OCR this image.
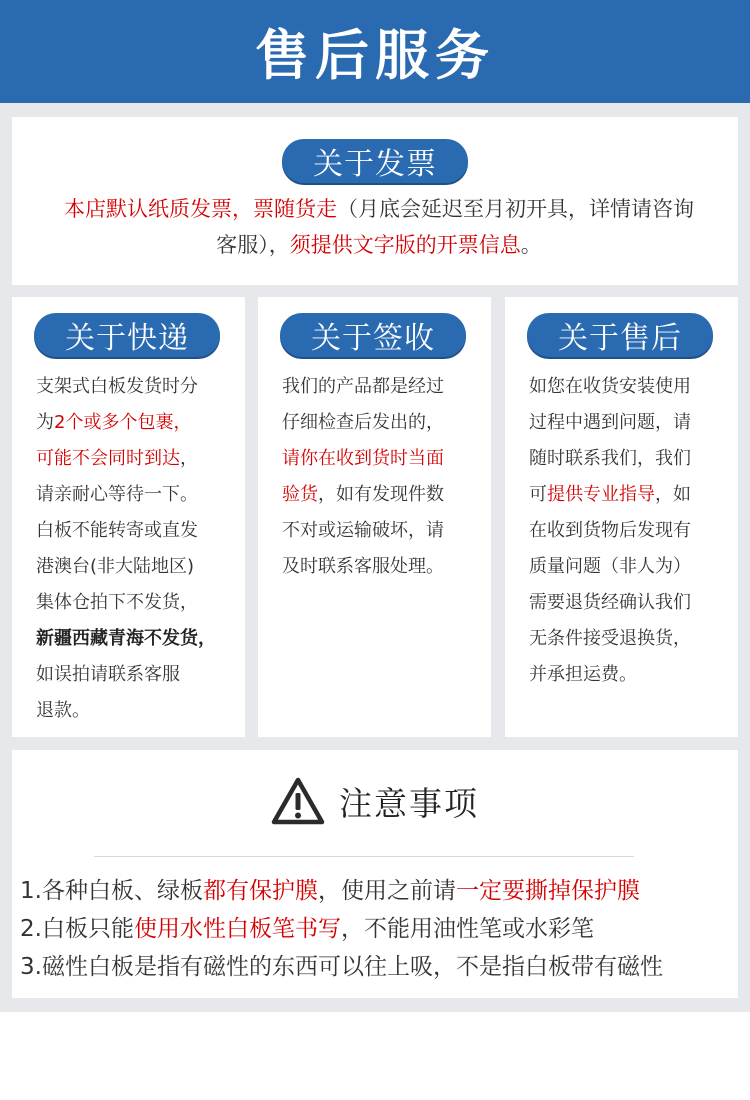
售后服务
关于发票
本店默认纸质发票，票随货走（月底会延迟至月初开具，详情请咨询
客服），须提供文字版的开票信息。
关于快递
支架式白板发货时分
为2个或多个包裹，
可能不会同时到达，
请亲耐心等待一下。
白板不能转寄或直发
港澳台(非大陆地区)
集体仓拍下不发货，
新疆西藏青海不发货，
如误拍请联系客服
退款。
关于签收
我们的产品都是经过
仔细检查后发出的，
请你在收到货时当面
验货，如有发现件数
不对或运输破坏，请
及时联系客服处理。
关于售后
如您在收货安装使用
过程中遇到问题，请
随时联系我们，我们
可提供专业指导，如
在收到货物后发现有
质量问题（非人为）
需要退货经确认我们
无条件接受退换货，
并承担运费。
注意事项
1.各种白板、绿板都有保护膜，使用之前请一定要撕掉保护膜
2.白板只能使用水性白板笔书写，不能用油性笔或水彩笔
3.磁性白板是指有磁性的东西可以往上吸，不是指白板带有磁性
